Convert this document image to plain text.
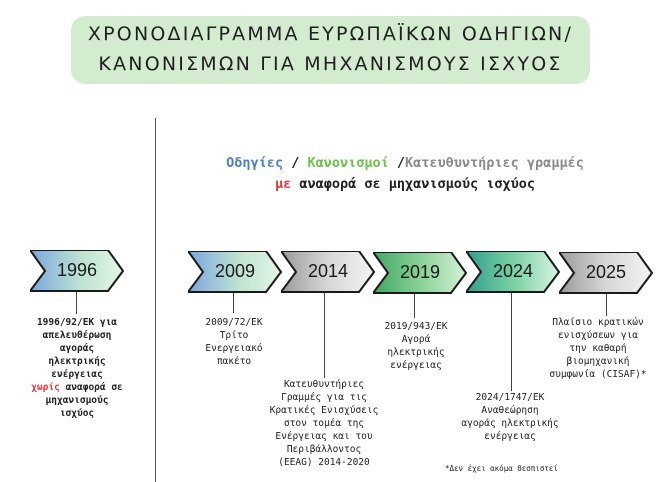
ΧΡΟΝΟΔΙΑΓΡΑΜΜΑ ΕΥΡΩΠΑΪΚΩΝ ΟΔΗΓΙΩΝ/
ΚΑΝΟΝΙΣΜΩΝ ΓΙΑ ΜΗΧΑΝΙΣΜΟΥΣ ΙΣΧΥΟΣ
Οδηγίες / Κανονισμοί /Κατευθυντήριες γραμμές
με αναφορά σε μηχανισμούς ισχύος
1996
1996/92/ΕΚ για
απελευθέρωση
αγοράς
ηλεκτρικής
ενέργειας
χωρίς αναφορά σε
μηχανισμούς
ισχύος
2009
2009/72/ΕΚ
Τρίτο
Ενεργειακό
πακέτο
2014
Κατευθυντήριες
Γραμμές για τις
Κρατικές Ενισχύσεις
στον τομέα της
Ενέργειας και του
Περιβάλλοντος
(EEAG) 2014-2020
2019
2019/943/ΕΚ
Αγορά
ηλεκτρικής
ενέργειας
2024
2024/1747/ΕΚ
Αναθεώρηση
αγοράς ηλεκτρικής
ενέργειας
2025
Πλαίσιο κρατικών
ενισχύσεων για
την καθαρή
βιομηχανική
συμφωνία (CISAF)*
*Δεν έχει ακόμα θεσπιστεί
